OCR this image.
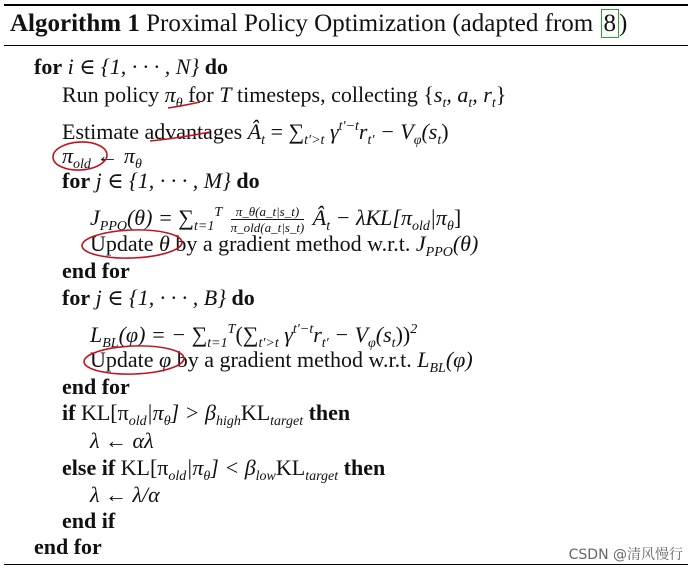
Algorithm 1 Proximal Policy Optimization (adapted from 8 )
for i ∈ {1, · · · , N} do
Run policy $\pi_\theta$ for T timesteps, collecting {$s_t$, $a_t$, $r_t$}
Estimate advantages $Â_t = \sum_{t'>t}$ $\gamma^{t'-t}r_{t'} - V_\varphi(s_t)$
$\pi_{old}$ ← $\pi_\theta$
for j ∈ {1, · · · , M} do
$J_{PPO}(\theta) = \sum_{t=1}^T \frac{\pi\_\theta(a\_t|s\_t)}{\text{π\_old(a\_t|s\_t)}}$ $Â_t - \lambda KL[\pi_{old}|\pi_\theta]$
Update θ by a gradient method w.r.t. $J_{PPO}(\theta)$
end for
for j ∈ {1, · · · , B} do
$L_{BL}(\varphi)$ = − $\sum_{t=1}^T(\sum_{t'>t}$ $\gamma^{t'-t}r_{t'} - V_\varphi(s_t))^2$
Update φ by a gradient method w.r.t. $L_{BL}(\varphi)$
end for
if $KL[\pi_{old}|\pi_\theta] > \beta_{high}KL_{target}$ then
λ ← αλ
else if $KL[\pi_{old}|\pi_\theta] < \beta_{low}KL_{target}$ then
λ ← λ/α
end if
end for	CSDN @清风慢行
